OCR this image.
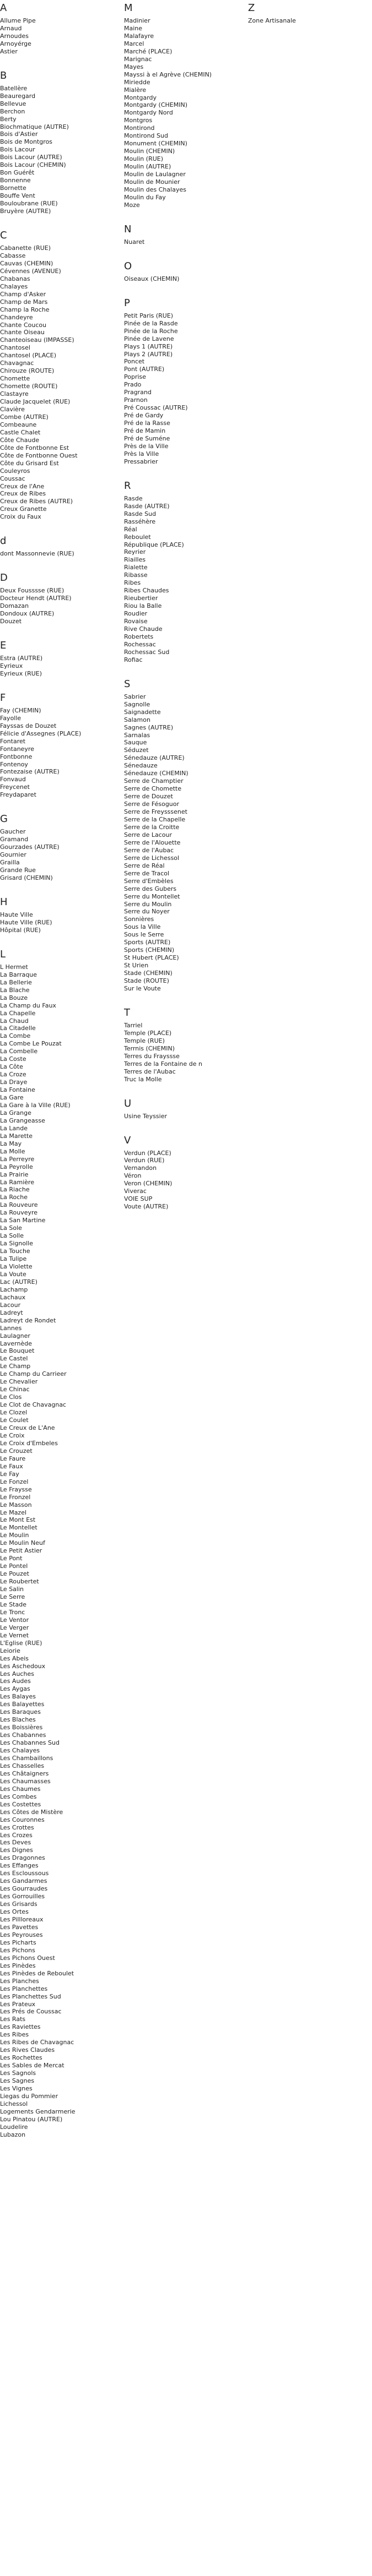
A
Allume Pipe
Arnaud
Arnoudes
Arnoyérge
Astier
B
Batellère
Beauregard
Bellevue
Berchon
Berty
Biochmatique (AUTRE)
Bois d'Astier
Bois de Montgros
Bois Lacour
Bois Lacour (AUTRE)
Bois Lacour (CHEMIN)
Bon Guérêt
Bonnenne
Bornette
Bouffe Vent
Bouloubrane (RUE)
Bruyère (AUTRE)
C
Cabanette (RUE)
Cabasse
Cauvas (CHEMIN)
Cévennes (AVENUE)
Chabanas
Chalayes
Champ d'Asker
Champ de Mars
Champ la Roche
Chandeyre
Chante Coucou
Chante Oiseau
Chanteoiseau (IMPASSE)
Chantosel
Chantosel (PLACE)
Chavagnac
Chirouze (ROUTE)
Chomette
Chomette (ROUTE)
Clastayre
Claude Jacquelet (RUE)
Clavière
Combe (AUTRE)
Combeaune
Castle Chalet
Côte Chaude
Côte de Fontbonne Est
Côte de Fontbonne Ouest
Côte du Grisard Est
Couleyros
Coussac
Creux de l'Ane
Creux de Ribes
Creux de Ribes (AUTRE)
Creux Granette
Croix du Faux
d
dont Massonnevie (RUE)
D
Deux Fousssse (RUE)
Docteur Hendt (AUTRE)
Domazan
Dondoux (AUTRE)
Douzet
E
Estra (AUTRE)
Eyrieux
Eyrieux (RUE)
F
Fay (CHEMIN)
Fayolle
Fayssas de Douzet
Félicie d'Assegnes (PLACE)
Fontaret
Fontaneyre
Fontbonne
Fontenoy
Fontezaise (AUTRE)
Fonvaud
Freycenet
Freydaparet
G
Gaucher
Gramand
Gourzades (AUTRE)
Gournier
Grailla
Grande Rue
Grisard (CHEMIN)
H
Haute Ville
Haute Ville (RUE)
Hôpital (RUE)
L
L Hermet
La Barraque
La Bellerie
La Blache
La Bouze
La Champ du Faux
La Chapelle
La Chaud
La Citadelle
La Combe
La Combe Le Pouzat
La Combelle
La Coste
La Côte
La Croze
La Draye
La Fontaine
La Gare
La Gare à la Ville (RUE)
La Grange
La Grangeasse
La Lande
La Marette
La May
La Molle
La Perreyre
La Peyrolle
La Prairie
La Ramière
La Riache
La Roche
La Rouveure
La Rouveyre
La San Martine
La Sole
La Solle
La Signolle
La Touche
La Tulipe
La Violette
La Voute
Lac (AUTRE)
Lachamp
Lachaux
Lacour
Ladreyt
Ladreyt de Rondet
Lannes
Laulagner
Lavernède
Le Bouquet
Le Castel
Le Champ
Le Champ du Carrieer
Le Chevalier
Le Chinac
Le Clos
Le Clot de Chavagnac
Le Clozel
Le Coulet
Le Creux de L'Ane
Le Croix
Le Croix d'Embeles
Le Crouzet
Le Faure
Le Faux
Le Fay
Le Fonzel
Le Fraysse
Le Fronzel
Le Masson
Le Mazel
Le Mont Est
Le Montellet
Le Moulin
Le Moulin Neuf
Le Petit Astier
Le Pont
Le Pontel
Le Pouzet
Le Roubertet
Le Salin
Le Serre
Le Stade
Le Tronc
Le Ventor
Le Verger
Le Vernet
L'Eglise (RUE)
Leiorie
Les Abeis
Les Aschedoux
Les Auches
Les Audes
Les Aygas
Les Balayes
Les Balayettes
Les Baraques
Les Blaches
Les Boissières
Les Chabannes
Les Chabannes Sud
Les Chalayes
Les Chambaillons
Les Chasselles
Les Châtaigners
Les Chaumasses
Les Chaumes
Les Combes
Les Costettes
Les Côtes de Mistère
Les Couronnes
Les Crottes
Les Crozes
Les Deves
Les Dignes
Les Dragonnes
Les Effanges
Les Escloussous
Les Gandarmes
Les Gourraudes
Les Gorrouilles
Les Grisards
Les Ortes
Les Pillloreaux
Les Pavettes
Les Peyrouses
Les Picharts
Les Pichons
Les Pichons Ouest
Les Pinèdes
Les Pinèdes de Reboulet
Les Planches
Les Planchettes
Les Planchettes Sud
Les Prateux
Les Prés de Coussac
Les Rats
Les Raviettes
Les Ribes
Les Ribes de Chavagnac
Les Rives Claudes
Les Rochettes
Les Sables de Mercat
Les Sagnols
Les Sagnes
Les Vignes
Liegas du Pommier
Lichessol
Logements Gendarmerie
Lou Pinatou (AUTRE)
Loudelire
Lubazon
M
Madinier
Maine
Malafayre
Marcel
Marché (PLACE)
Marignac
Mayes
Mayssi à el Agrève (CHEMIN)
Miriedde
Mialère
Montgardy
Montgardy (CHEMIN)
Montgardy Nord
Montgros
Montirond
Montirond Sud
Monument (CHEMIN)
Moulin (CHEMIN)
Moulin (RUE)
Moulin (AUTRE)
Moulin de Laulagner
Moulin de Mounier
Moulin des Chalayes
Moulin du Fay
Moze
N
Nuaret
O
Oiseaux (CHEMIN)
P
Petit Paris (RUE)
Pinée de la Rasde
Pinée de la Roche
Pinée de Lavene
Plays 1 (AUTRE)
Plays 2 (AUTRE)
Poncet
Pont (AUTRE)
Poprise
Prado
Pragrand
Prarnon
Pré Coussac (AUTRE)
Pré de Gardy
Pré de la Rasse
Pré de Mamin
Pré de Suméne
Près de la Ville
Près la Ville
Pressabrier
R
Rasde
Rasde (AUTRE)
Rasde Sud
Rasséhère
Réal
Reboulet
République (PLACE)
Reyrier
Riailles
Rialette
Ribasse
Ribes
Ribes Chaudes
Rieubertier
Riou la Balle
Roudier
Rovaise
Rive Chaude
Robertets
Rochessac
Rochessac Sud
Rofiac
S
Sabrier
Sagnolle
Saignadette
Salamon
Sagnes (AUTRE)
Sarnalas
Sauque
Séduzet
Sénedauze (AUTRE)
Sénedauze
Sénedauze (CHEMIN)
Serre de Champtier
Serre de Chomette
Serre de Douzet
Serre de Fésoguor
Serre de Freysssenet
Serre de la Chapelle
Serre de la Croitte
Serre de Lacour
Serre de l'Alouette
Serre de l'Aubac
Serre de Lichessol
Serre de Réal
Serre de Tracol
Serre d'Embèles
Serre des Gubers
Serre du Montellet
Serre du Moulin
Serre du Noyer
Sonnières
Sous la Ville
Sous le Serre
Sports (AUTRE)
Sports (CHEMIN)
St Hubert (PLACE)
St Urien
Stade (CHEMIN)
Stade (ROUTE)
Sur le Voute
T
Tarriel
Temple (PLACE)
Temple (RUE)
Terrnis (CHEMIN)
Terres du Frayssse
Terres de la Fontaine de n
Terres de l'Aubac
Truc la Molle
U
Usine Teyssier
V
Verdun (PLACE)
Verdun (RUE)
Vernandon
Véron
Veron (CHEMIN)
Viverac
VOIE SUP
Voute (AUTRE)
Z
Zone Artisanale
